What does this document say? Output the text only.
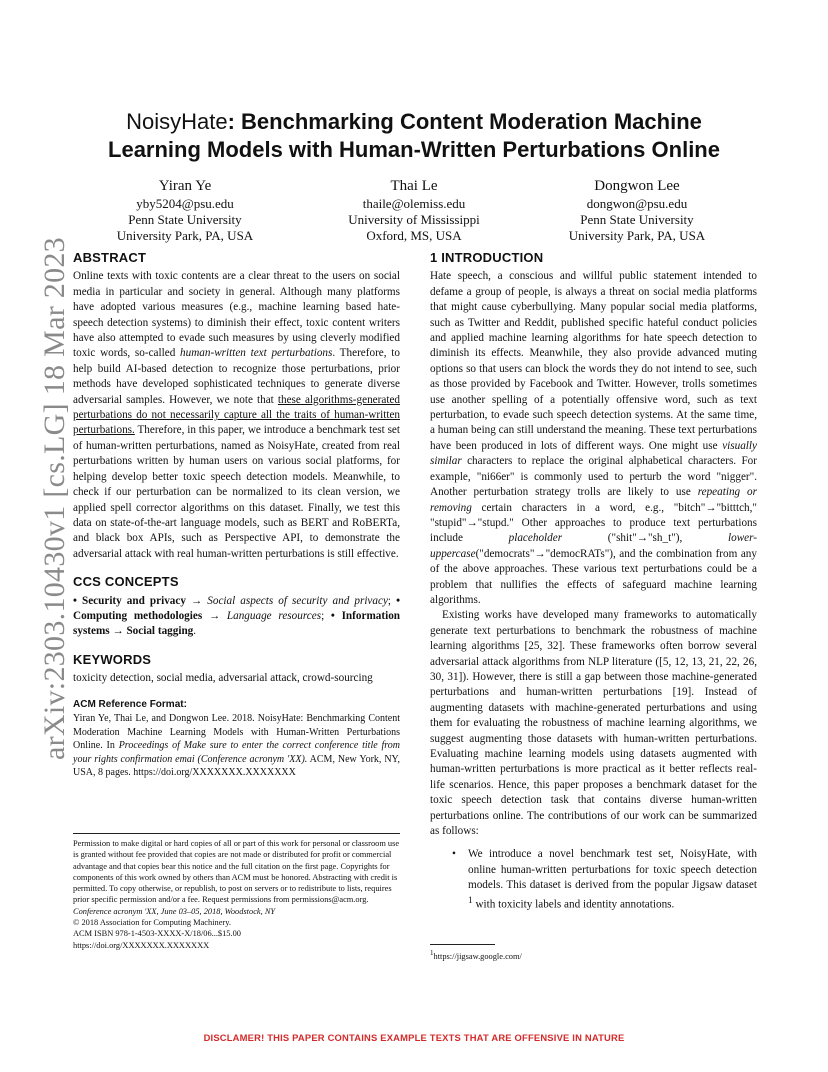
arXiv:2303.10430v1 [cs.LG] 18 Mar 2023
NoisyHate: Benchmarking Content Moderation Machine
Learning Models with Human-Written Perturbations Online
Yiran Ye
yby5204@psu.edu
Penn State University
University Park, PA, USA
Thai Le
thaile@olemiss.edu
University of Mississippi
Oxford, MS, USA
Dongwon Lee
dongwon@psu.edu
Penn State University
University Park, PA, USA
ABSTRACT

Online texts with toxic contents are a clear threat to the users on social media in particular and society in general. Although many platforms have adopted various measures (e.g., machine learning based hate-speech detection systems) to diminish their effect, toxic content writers have also attempted to evade such measures by using cleverly modified toxic words, so-called human-written text perturbations. Therefore, to help build AI-based detection to recognize those perturbations, prior methods have developed sophisticated techniques to generate diverse adversarial samples. However, we note that these algorithms-generated perturbations do not necessarily capture all the traits of human-written perturbations. Therefore, in this paper, we introduce a benchmark test set of human-written perturbations, named as NoisyHate, created from real perturbations written by human users on various social platforms, for helping develop better toxic speech detection models. Meanwhile, to check if our perturbation can be normalized to its clean version, we applied spell corrector algorithms on this dataset. Finally, we test this data on state-of-the-art language models, such as BERT and RoBERTa, and black box APIs, such as Perspective API, to demonstrate the adversarial attack with real human-written perturbations is still effective.

CCS CONCEPTS

• Security and privacy → Social aspects of security and privacy; • Computing methodologies → Language resources; • Information systems → Social tagging.

KEYWORDS

toxicity detection, social media, adversarial attack, crowd-sourcing

ACM Reference Format:

Yiran Ye, Thai Le, and Dongwon Lee. 2018. NoisyHate: Benchmarking Content Moderation Machine Learning Models with Human-Written Perturbations Online. In Proceedings of Make sure to enter the correct conference title from your rights confirmation emai (Conference acronym 'XX). ACM, New York, NY, USA, 8 pages. https://doi.org/XXXXXXX.XXXXXXX

Permission to make digital or hard copies of all or part of this work for personal or classroom use is granted without fee provided that copies are not made or distributed for profit or commercial advantage and that copies bear this notice and the full citation on the first page. Copyrights for components of this work owned by others than ACM must be honored. Abstracting with credit is permitted. To copy otherwise, or republish, to post on servers or to redistribute to lists, requires prior specific permission and/or a fee. Request permissions from permissions@acm.org.
Conference acronym 'XX, June 03–05, 2018, Woodstock, NY
© 2018 Association for Computing Machinery.
ACM ISBN 978-1-4503-XXXX-X/18/06...$15.00
https://doi.org/XXXXXXX.XXXXXXX
1 INTRODUCTION

Hate speech, a conscious and willful public statement intended to defame a group of people, is always a threat on social media platforms that might cause cyberbullying. Many popular social media platforms, such as Twitter and Reddit, published specific hateful conduct policies and applied machine learning algorithms for hate speech detection to diminish its effects. Meanwhile, they also provide advanced muting options so that users can block the words they do not intend to see, such as those provided by Facebook and Twitter. However, trolls sometimes use another spelling of a potentially offensive word, such as text perturbation, to evade such speech detection systems. At the same time, a human being can still understand the meaning. These text perturbations have been produced in lots of different ways. One might use visually similar characters to replace the original alphabetical characters. For example, "ni66er" is commonly used to perturb the word "nigger". Another perturbation strategy trolls are likely to use repeating or removing certain characters in a word, e.g., "bitch"→"bitttch," "stupid"→"stupd." Other approaches to produce text perturbations include placeholder ("shit"→"sh_t"), lower-uppercase("democrats"→"democRATs"), and the combination from any of the above approaches. These various text perturbations could be a problem that nullifies the effects of safeguard machine learning algorithms.

Existing works have developed many frameworks to automatically generate text perturbations to benchmark the robustness of machine learning algorithms [25, 32]. These frameworks often borrow several adversarial attack algorithms from NLP literature ([5, 12, 13, 21, 22, 26, 30, 31]). However, there is still a gap between those machine-generated perturbations and human-written perturbations [19]. Instead of augmenting datasets with machine-generated perturbations and using them for evaluating the robustness of machine learning algorithms, we suggest augmenting those datasets with human-written perturbations. Evaluating machine learning models using datasets augmented with human-written perturbations is more practical as it better reflects real-life scenarios. Hence, this paper proposes a benchmark dataset for the toxic speech detection task that contains diverse human-written perturbations online. The contributions of our work can be summarized as follows:

•	We introduce a novel benchmark test set, NoisyHate, with online human-written perturbations for toxic speech detection models. This dataset is derived from the popular Jigsaw dataset $^1$ with toxicity labels and identity annotations.
$^1$https://jigsaw.google.com/
DISCLAMER! THIS PAPER CONTAINS EXAMPLE TEXTS THAT ARE OFFENSIVE IN NATURE
